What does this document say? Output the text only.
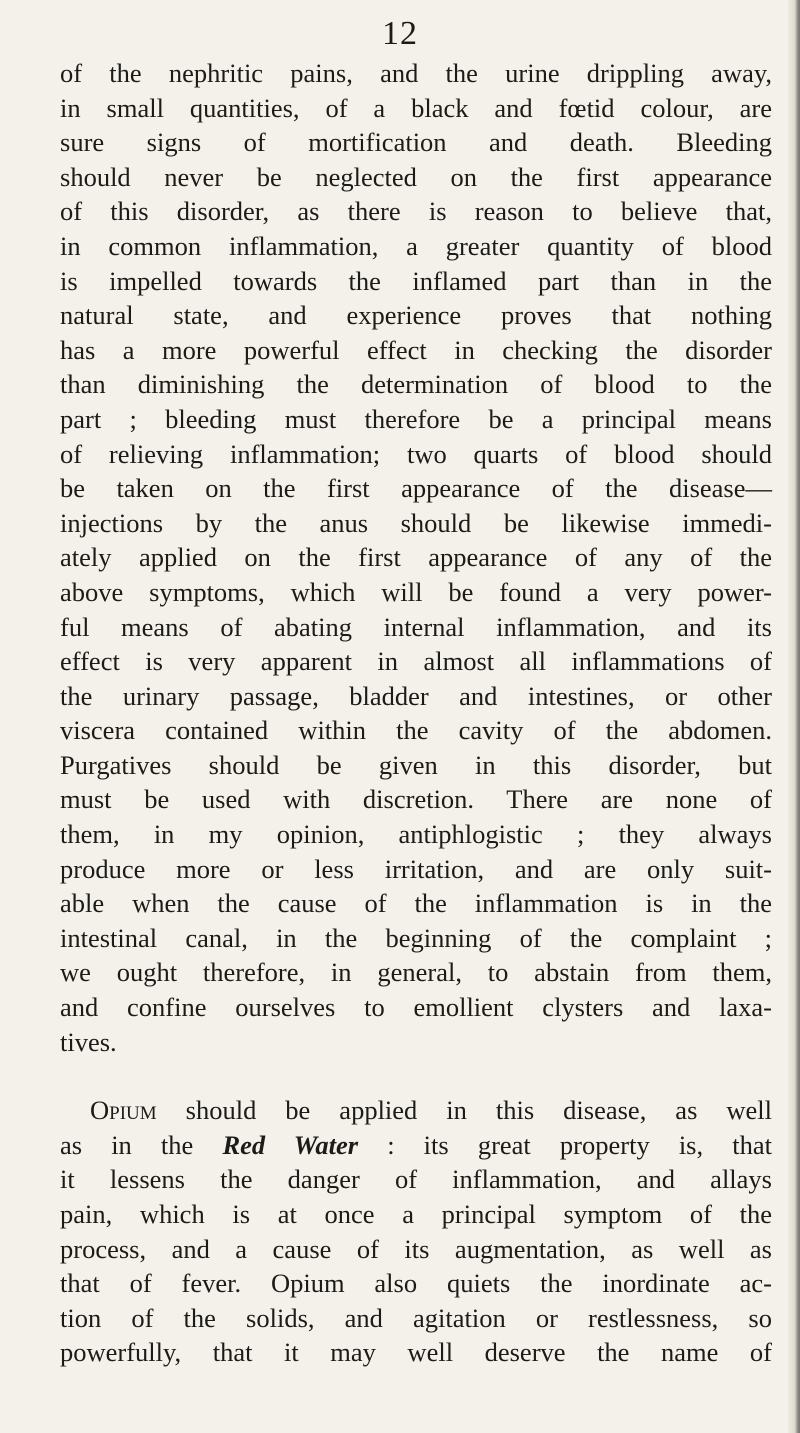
12

of the nephritic pains, and the urine drippling away,
in small quantities, of a black and fœtid colour, are
sure signs of mortification and death. Bleeding
should never be neglected on the first appearance
of this disorder, as there is reason to believe that,
in common inflammation, a greater quantity of blood
is impelled towards the inflamed part than in the
natural state, and experience proves that nothing
has a more powerful effect in checking the disorder
than diminishing the determination of blood to the
part ; bleeding must therefore be a principal means
of relieving inflammation; two quarts of blood should
be taken on the first appearance of the disease—
injections by the anus should be likewise immedi-
ately applied on the first appearance of any of the
above symptoms, which will be found a very power-
ful means of abating internal inflammation, and its
effect is very apparent in almost all inflammations of
the urinary passage, bladder and intestines, or other
viscera contained within the cavity of the abdomen.
Purgatives should be given in this disorder, but
must be used with discretion. There are none of
them, in my opinion, antiphlogistic ; they always
produce more or less irritation, and are only suit-
able when the cause of the inflammation is in the
intestinal canal, in the beginning of the complaint ;
we ought therefore, in general, to abstain from them,
and confine ourselves to emollient clysters and laxa-
tives.

Opium should be applied in this disease, as well
as in the Red Water : its great property is, that
it lessens the danger of inflammation, and allays
pain, which is at once a principal symptom of the
process, and a cause of its augmentation, as well as
that of fever. Opium also quiets the inordinate ac-
tion of the solids, and agitation or restlessness, so
powerfully, that it may well deserve the name of
